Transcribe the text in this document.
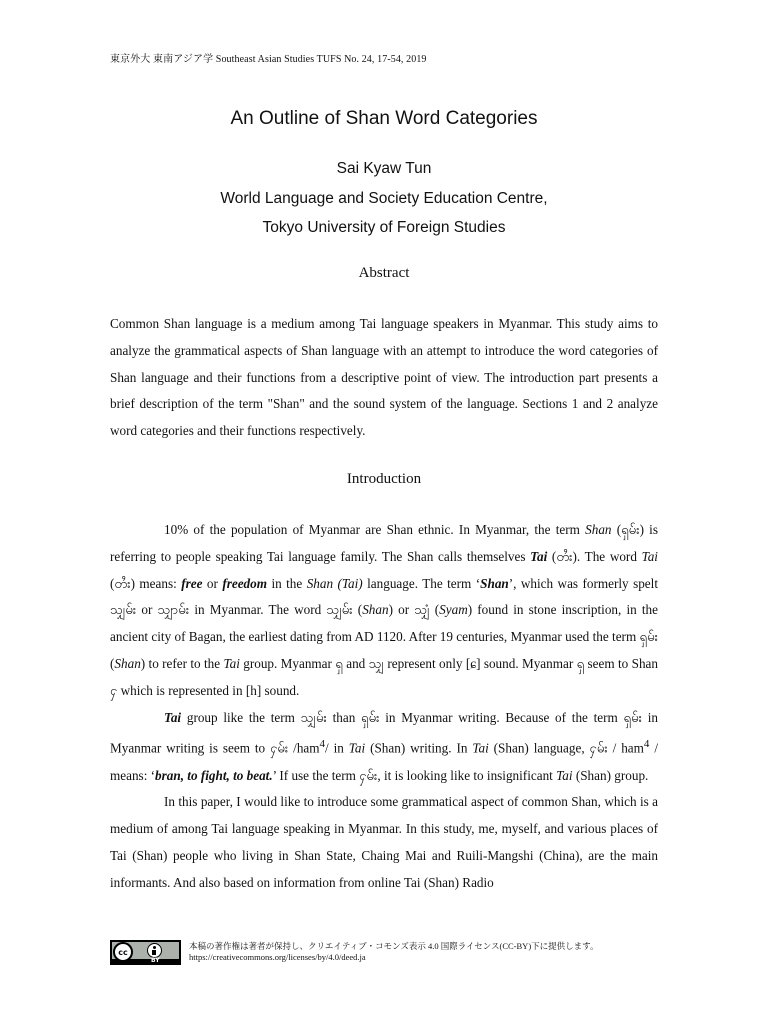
東京外大 東南アジア学 Southeast Asian Studies TUFS No. 24, 17-54, 2019
An Outline of Shan Word Categories
Sai Kyaw Tun
World Language and Society Education Centre,
Tokyo University of Foreign Studies
Abstract

Common Shan language is a medium among Tai language speakers in Myanmar. This study aims to analyze the grammatical aspects of Shan language with an attempt to introduce the word categories of Shan language and their functions from a descriptive point of view. The introduction part presents a brief description of the term "Shan" and the sound system of the language. Sections 1 and 2 analyze word categories and their functions respectively.

Introduction

10% of the population of Myanmar are Shan ethnic. In Myanmar, the term Shan (ရှမ်း) is referring to people speaking Tai language family. The Shan calls themselves Tai (တႆး). The word Tai (တႆး) means: free or freedom in the Shan (Tai) language. The term ‘Shan’, which was formerly spelt သျှမ်း or သျှာမ်း in Myanmar. The word သျှမ်း (Shan) or သျှံ (Syam) found in stone inscription, in the ancient city of Bagan, the earliest dating from AD 1120. After 19 centuries, Myanmar used the term ရှမ်း (Shan) to refer to the Tai group. Myanmar ရှ and သျှ represent only [ɕ] sound. Myanmar ရှ seem to Shan ႁ which is represented in [h] sound.

Tai group like the term သျှမ်း than ရှမ်း in Myanmar writing. Because of the term ရှမ်း in Myanmar writing is seem to ႁမ်း /ham$^4$/ in Tai (Shan) writing. In Tai (Shan) language, ႁမ်း / ham$^4$ / means: ‘bran, to fight, to beat.’ If use the term ႁမ်း, it is looking like to insignificant Tai (Shan) group.

In this paper, I would like to introduce some grammatical aspect of common Shan, which is a medium of among Tai language speaking in Myanmar. In this study, me, myself, and various places of Tai (Shan) people who living in Shan State, Chaing Mai and Ruili-Mangshi (China), are the main informants. And also based on information from online Tai (Shan) Radio

cc
BY
本稿の著作権は著者が保持し、クリエイティブ・コモンズ表示 4.0 国際ライセンス(CC-BY)下に提供します。
https://creativecommons.org/licenses/by/4.0/deed.ja
